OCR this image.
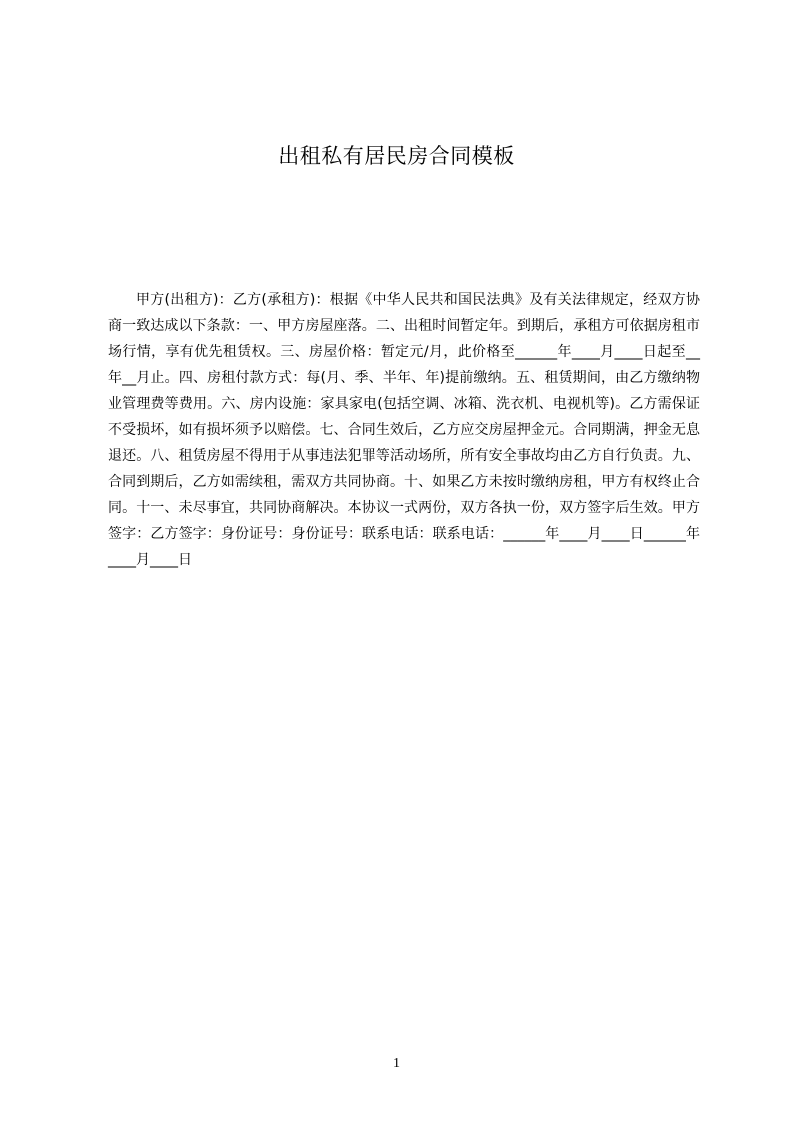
出租私有居民房合同模板

甲方(出租方)：乙方(承租方)：根据《中华人民共和国民法典》及有关法律规定，经双方协商一致达成以下条款：一、甲方房屋座落。二、出租时间暂定年。到期后，承租方可依据房租市场行情，享有优先租赁权。三、房屋价格：暂定元/月，此价格至______年____月____日起至__年__月止。四、房租付款方式：每(月、季、半年、年)提前缴纳。五、租赁期间，由乙方缴纳物业管理费等费用。六、房内设施：家具家电(包括空调、冰箱、洗衣机、电视机等)。乙方需保证不受损坏，如有损坏须予以赔偿。七、合同生效后，乙方应交房屋押金元。合同期满，押金无息退还。八、租赁房屋不得用于从事违法犯罪等活动场所，所有安全事故均由乙方自行负责。九、合同到期后，乙方如需续租，需双方共同协商。十、如果乙方未按时缴纳房租，甲方有权终止合同。十一、未尽事宜，共同协商解决。本协议一式两份，双方各执一份，双方签字后生效。甲方签字：乙方签字：身份证号：身份证号：联系电话：联系电话：______年____月____日______年____月____日

1
